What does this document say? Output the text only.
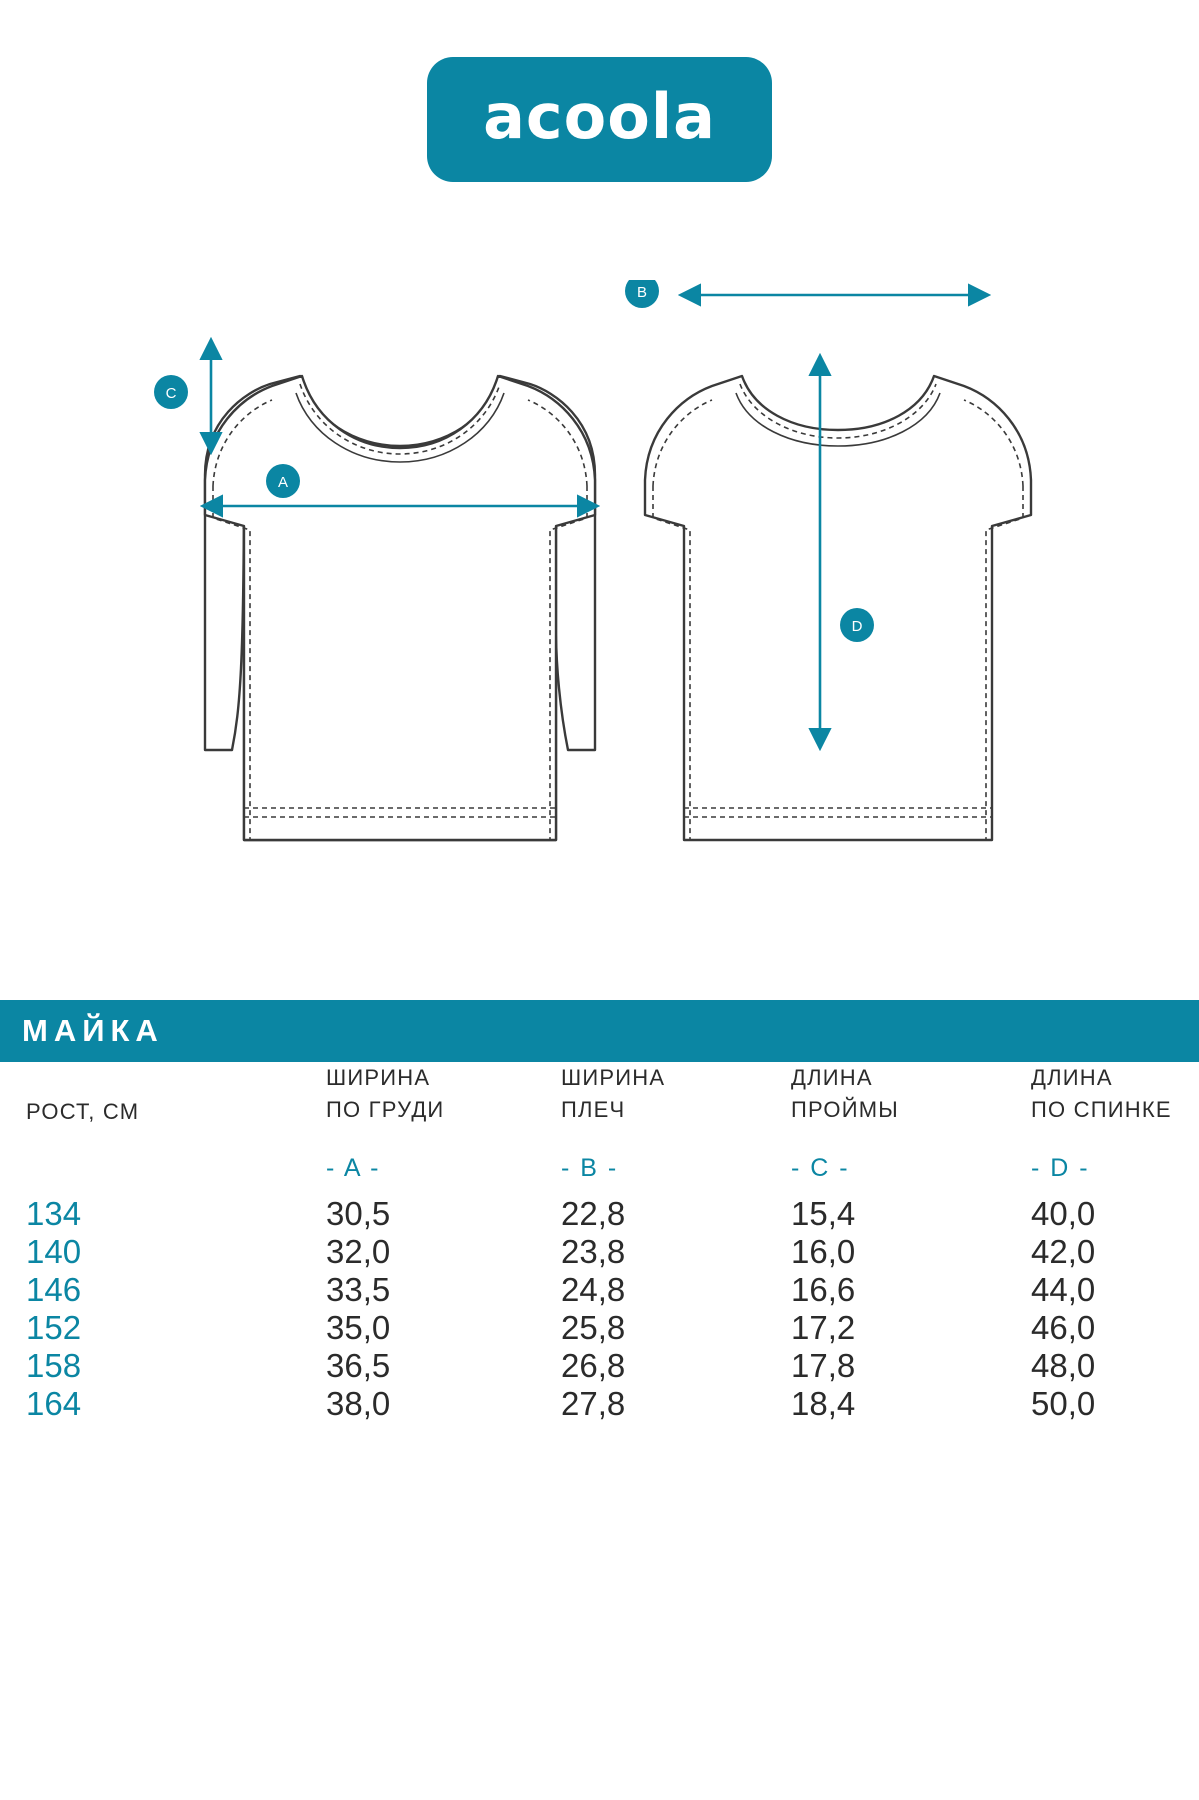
acoola
C
A
B
D
МАЙКА
РОСТ, СМ

ШИРИНА
ПО ГРУДИ

ШИРИНА
ПЛЕЧ

ДЛИНА
ПРОЙМЫ

ДЛИНА
ПО СПИНКЕ

	- A -	- B -	- C -	- D -

134	30,5	22,8	15,4	40,0

140	32,0	23,8	16,0	42,0

146	33,5	24,8	16,6	44,0

152	35,0	25,8	17,2	46,0

158	36,5	26,8	17,8	48,0

164	38,0	27,8	18,4	50,0
